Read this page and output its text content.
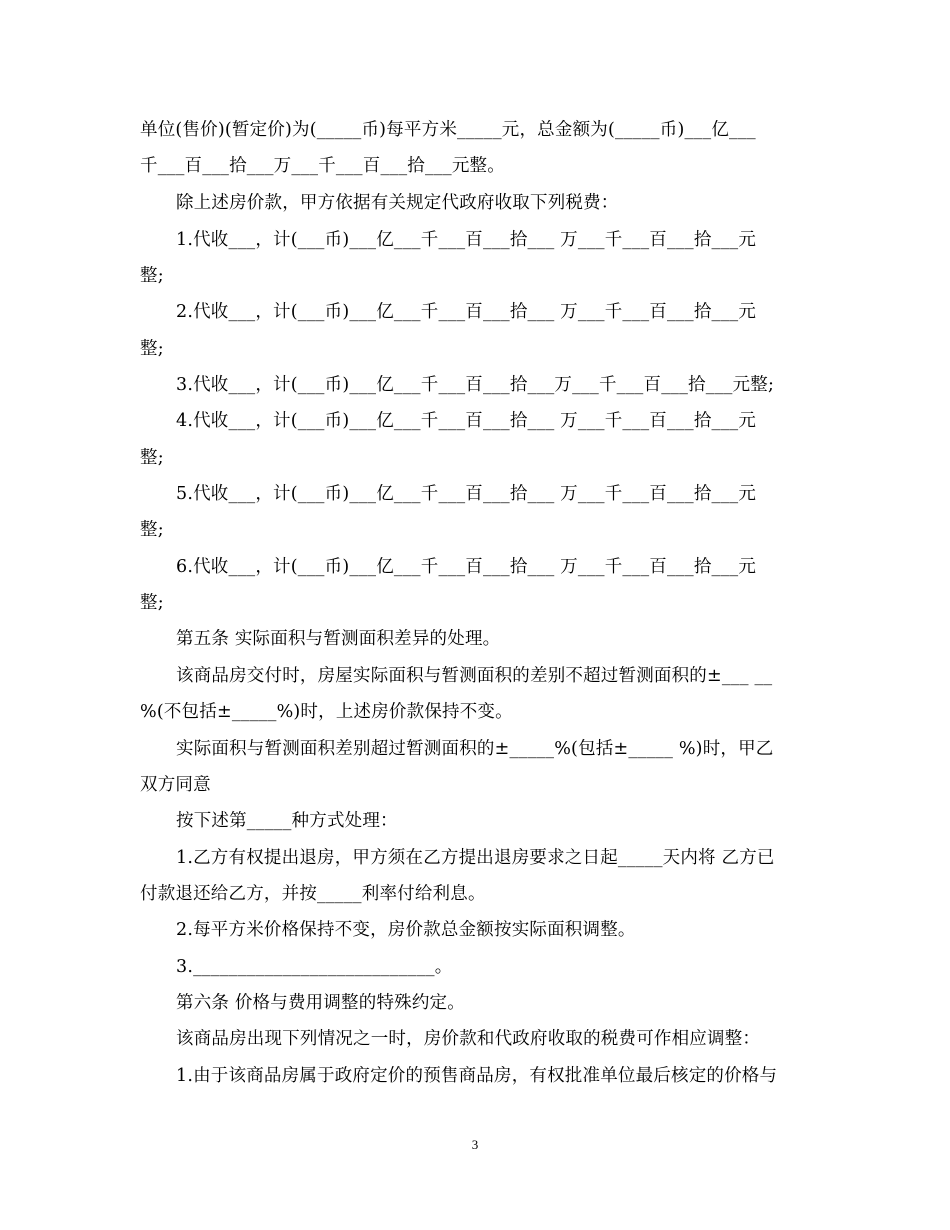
单位(售价)(暂定价)为(_____币)每平方米_____元，总金额为(_____币)___亿___
千___百___拾___万___千___百___拾___元整。
除上述房价款，甲方依据有关规定代政府收取下列税费：
1.代收___，计(___币)___亿___千___百___拾___ 万___千___百___拾___元
整;
2.代收___，计(___币)___亿___千___百___拾___ 万___千___百___拾___元
整;
3.代收___，计(___币)___亿___千___百___拾___万___千___百___拾___元整;
4.代收___，计(___币)___亿___千___百___拾___ 万___千___百___拾___元
整;
5.代收___，计(___币)___亿___千___百___拾___ 万___千___百___拾___元
整;
6.代收___，计(___币)___亿___千___百___拾___ 万___千___百___拾___元
整;
第五条 实际面积与暂测面积差异的处理。
该商品房交付时，房屋实际面积与暂测面积的差别不超过暂测面积的±___ __
%(不包括±_____%)时，上述房价款保持不变。
实际面积与暂测面积差别超过暂测面积的±_____%(包括±_____ %)时，甲乙
双方同意
按下述第_____种方式处理：
1.乙方有权提出退房，甲方须在乙方提出退房要求之日起_____天内将 乙方已
付款退还给乙方，并按_____利率付给利息。
2.每平方米价格保持不变，房价款总金额按实际面积调整。
3.___________________________。
第六条 价格与费用调整的特殊约定。
该商品房出现下列情况之一时，房价款和代政府收取的税费可作相应调整：
1.由于该商品房属于政府定价的预售商品房，有权批准单位最后核定的价格与
3
